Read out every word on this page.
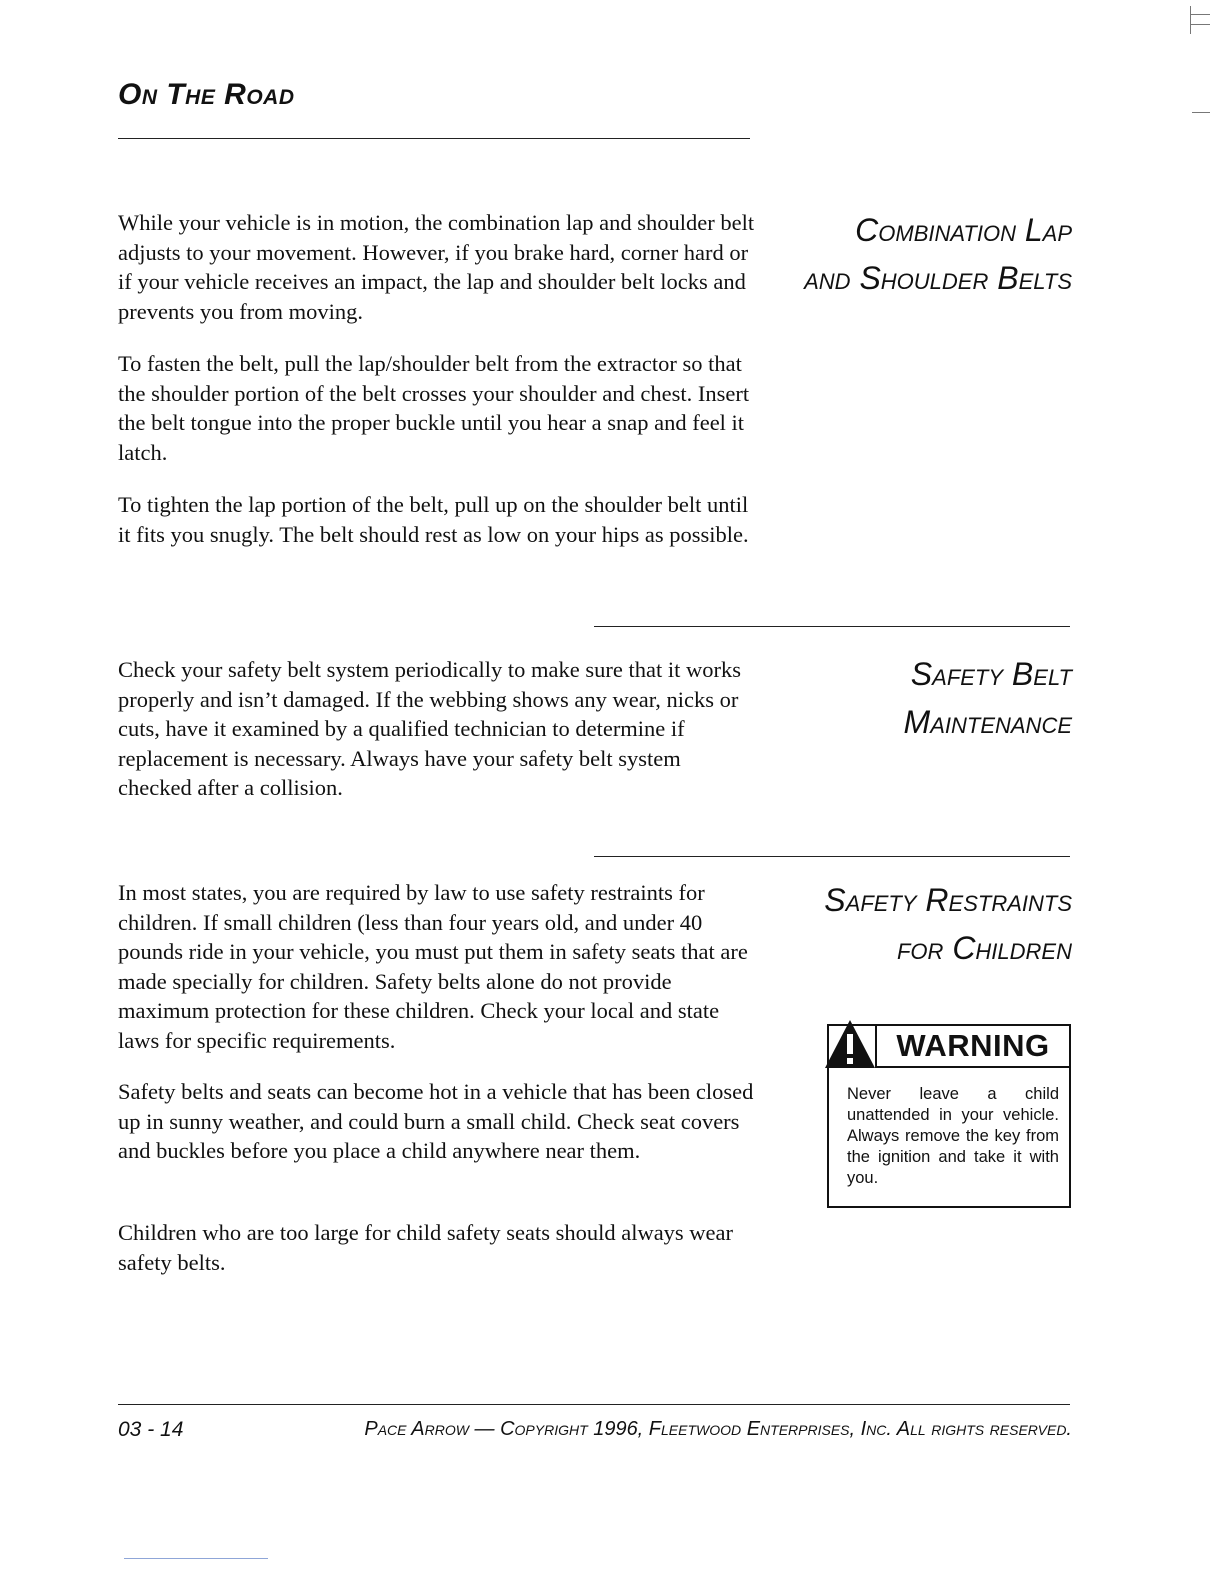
On The Road
Combination Lap
and Shoulder Belts

While your vehicle is in motion, the combination lap and shoulder belt adjusts to your movement. However, if you brake hard, corner hard or if your vehicle receives an impact, the lap and shoulder belt locks and prevents you from moving.

To fasten the belt, pull the lap/shoulder belt from the extractor so that the shoulder portion of the belt crosses your shoulder and chest. Insert the belt tongue into the proper buckle until you hear a snap and feel it latch.

To tighten the lap portion of the belt, pull up on the shoulder belt until it fits you snugly. The belt should rest as low on your hips as possible.

Safety Belt
Maintenance

Check your safety belt system periodically to make sure that it works properly and isn’t damaged. If the webbing shows any wear, nicks or cuts, have it examined by a qualified technician to determine if replacement is necessary. Always have your safety belt system checked after a collision.

Safety Restraints
for Children

In most states, you are required by law to use safety restraints for children. If small children (less than four years old, and under 40 pounds ride in your vehicle, you must put them in safety seats that are made specially for children. Safety belts alone do not provide maximum protection for these children. Check your local and state laws for specific requirements.

Safety belts and seats can become hot in a vehicle that has been closed up in sunny weather, and could burn a small child. Check seat covers and buckles before you place a child anywhere near them.

Children who are too large for child safety seats should always wear safety belts.

WARNING
Never leave a child unattended in your vehicle. Always remove the key from the ignition and take it with you.
03 - 14	Pace Arrow — Copyright 1996, Fleetwood Enterprises, Inc. All rights reserved.
